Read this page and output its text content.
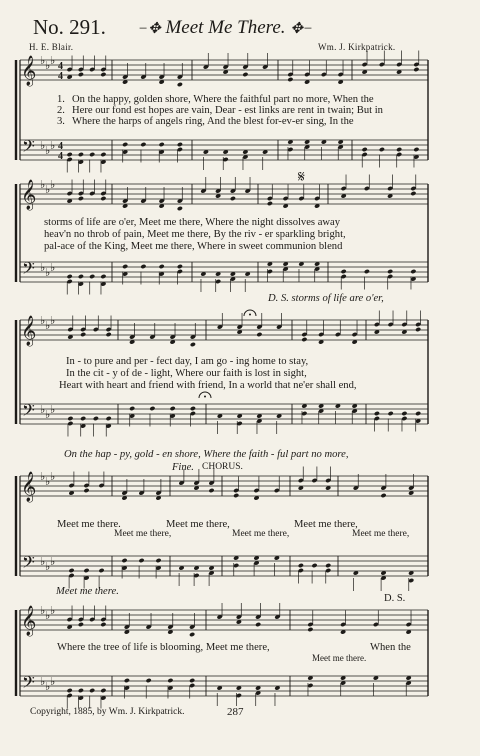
No. 291. −✥ Meet Me There. ✥−
H. E. Blair.	Wm. J. Kirkpatrick.
𝄞
𝄢
♭ ♭ ♭
♭ ♭ ♭
𝄞
𝄢
♭ ♭ ♭
♭ ♭ ♭
𝄞
𝄢
♭ ♭ ♭
♭ ♭ ♭
𝄞
𝄢
♭ ♭ ♭
♭ ♭ ♭
𝄞
𝄢
♭ ♭ ♭
♭ ♭ ♭
4
4
4
4
𝄋
1.
2.
3.
On the happy, golden shore, Where the faithful part no more, When the
Here our fond est hopes are vain, Dear - est links are rent in twain; But in
Where the harps of angels ring, And the blest for-ev-er sing, In the
storms of life are o'er, Meet me there, Where the night dissolves away
heav'n no throb of pain, Meet me there, By the riv - er sparkling bright,
pal-ace of the King, Meet me there, Where in sweet communion blend
D. S. storms of life are o'er,
In - to pure and per - fect day, I am go - ing home to stay,
In the cit - y of de - light, Where our faith is lost in sight,
Heart with heart and friend with friend, In a world that ne'er shall end,
On the hap - py, gold - en shore, Where the faith - ful part no more,
Fine. CHORUS.
Meet me there.	Meet me there,	Meet me there,
Meet me there,	Meet me there,	Meet me there,
Meet me there.
D. S.
Where the tree of life is blooming, Meet me there,	When the
Meet me there.
Copyright, 1885, by Wm. J. Kirkpatrick.	287
